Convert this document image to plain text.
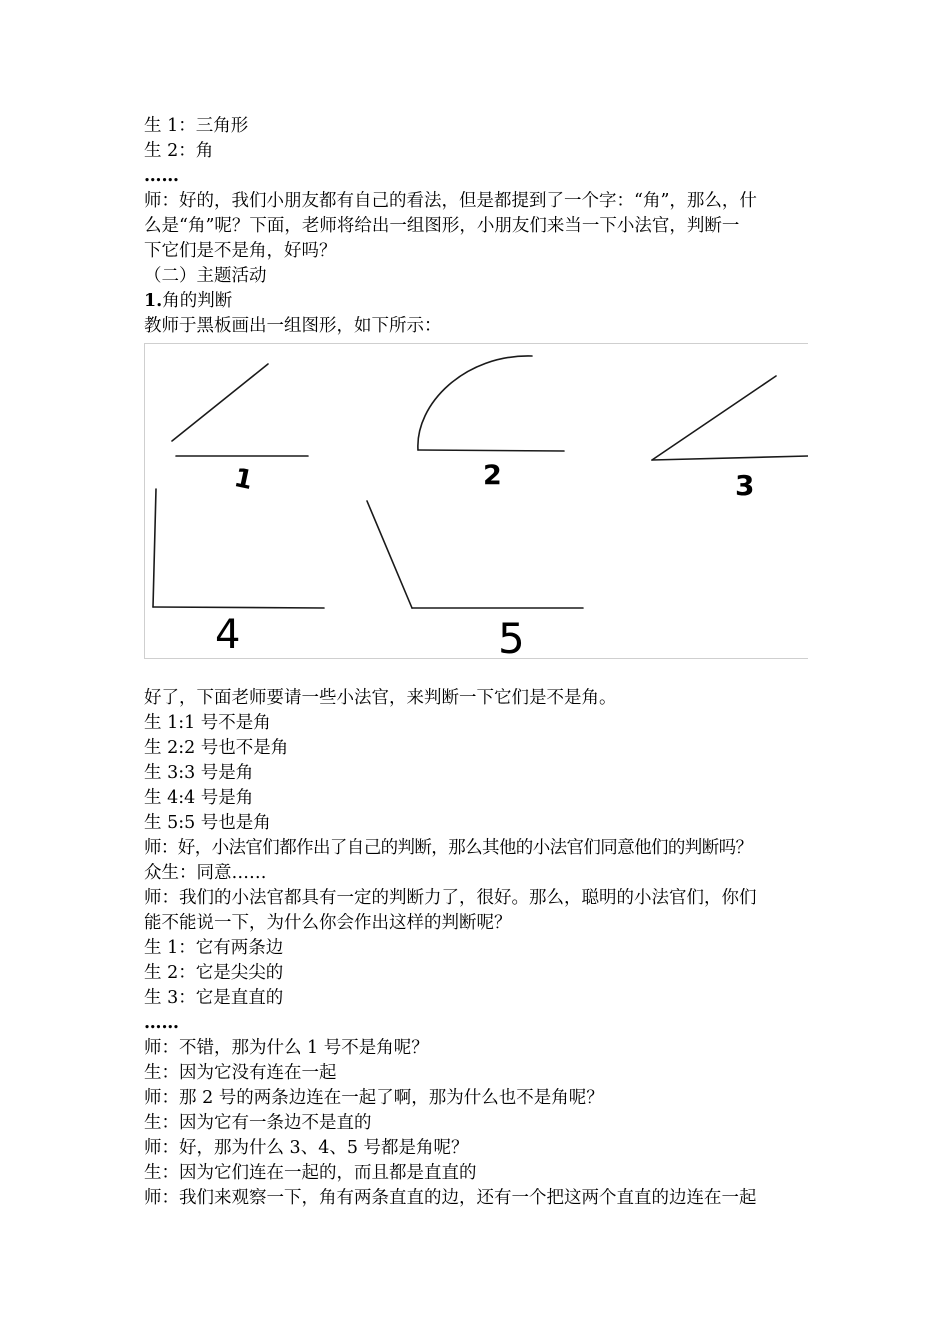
生 1：三角形
生 2：角
……
师：好的，我们小朋友都有自己的看法，但是都提到了一个字：“角”，那么，什
么是“角”呢？下面，老师将给出一组图形，小朋友们来当一下小法官，判断一
下它们是不是角，好吗？
（二）主题活动
1.角的判断
教师于黑板画出一组图形，如下所示：
1	2	3
4	5
好了，下面老师要请一些小法官，来判断一下它们是不是角。
生 1:1 号不是角
生 2:2 号也不是角
生 3:3 号是角
生 4:4 号是角
生 5:5 号也是角
师：好，小法官们都作出了自己的判断，那么其他的小法官们同意他们的判断吗？
众生：同意……
师：我们的小法官都具有一定的判断力了，很好。那么，聪明的小法官们，你们
能不能说一下，为什么你会作出这样的判断呢？
生 1：它有两条边
生 2：它是尖尖的
生 3：它是直直的
……
师：不错，那为什么 1 号不是角呢？
生：因为它没有连在一起
师：那 2 号的两条边连在一起了啊，那为什么也不是角呢？
生：因为它有一条边不是直的
师：好，那为什么 3、4、5 号都是角呢？
生：因为它们连在一起的，而且都是直直的
师：我们来观察一下，角有两条直直的边，还有一个把这两个直直的边连在一起
